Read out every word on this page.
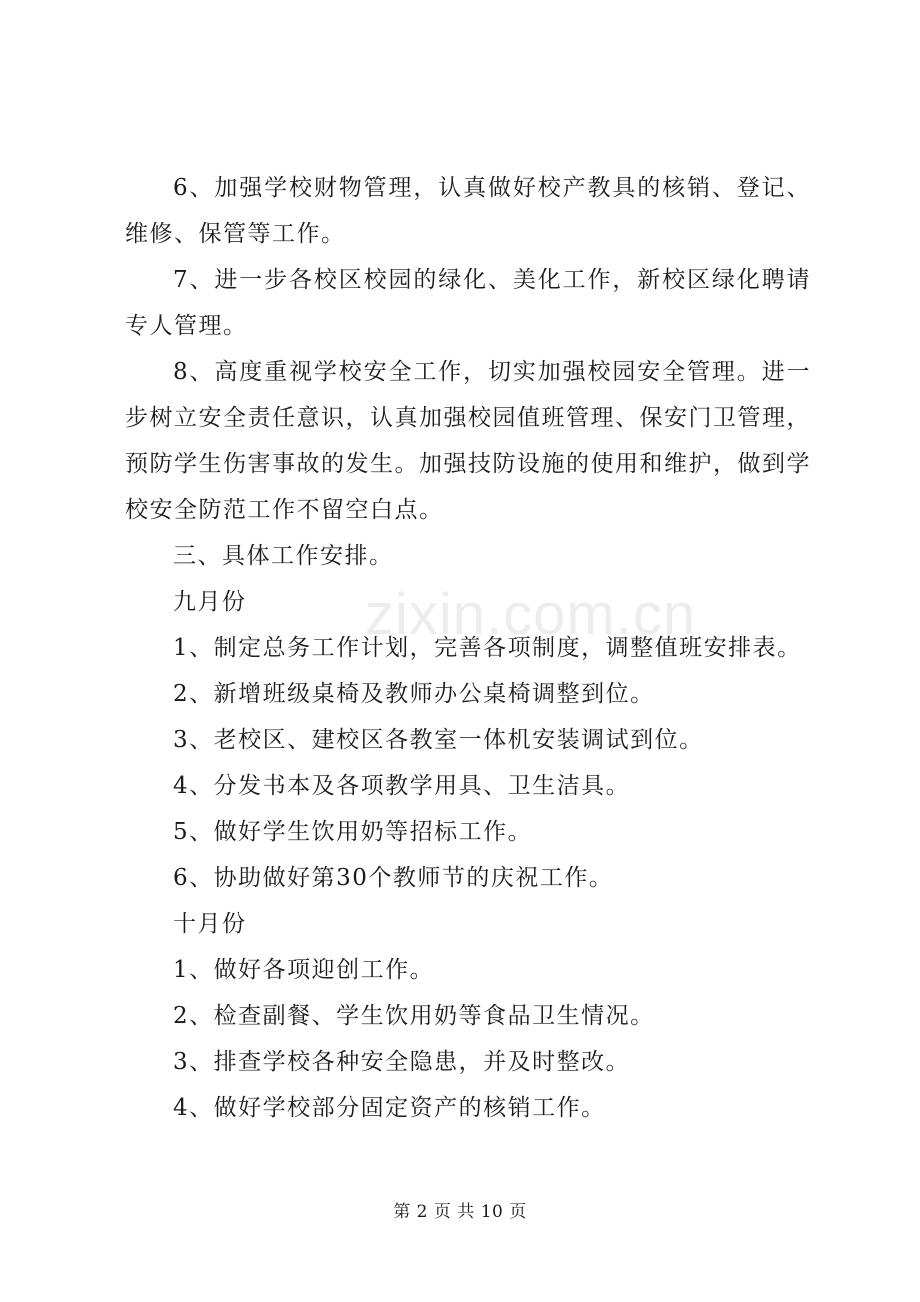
6、加强学校财物管理，认真做好校产教具的核销、登记、维修、保管等工作。

7、进一步各校区校园的绿化、美化工作，新校区绿化聘请专人管理。

8、高度重视学校安全工作，切实加强校园安全管理。进一步树立安全责任意识，认真加强校园值班管理、保安门卫管理，预防学生伤害事故的发生。加强技防设施的使用和维护，做到学校安全防范工作不留空白点。

三、具体工作安排。

九月份

1、制定总务工作计划，完善各项制度，调整值班安排表。

2、新增班级桌椅及教师办公桌椅调整到位。

3、老校区、建校区各教室一体机安装调试到位。

4、分发书本及各项教学用具、卫生洁具。

5、做好学生饮用奶等招标工作。

6、协助做好第30个教师节的庆祝工作。

十月份

1、做好各项迎创工作。

2、检查副餐、学生饮用奶等食品卫生情况。

3、排查学校各种安全隐患，并及时整改。

4、做好学校部分固定资产的核销工作。

zixin.com.cn
第 2 页 共 10 页
